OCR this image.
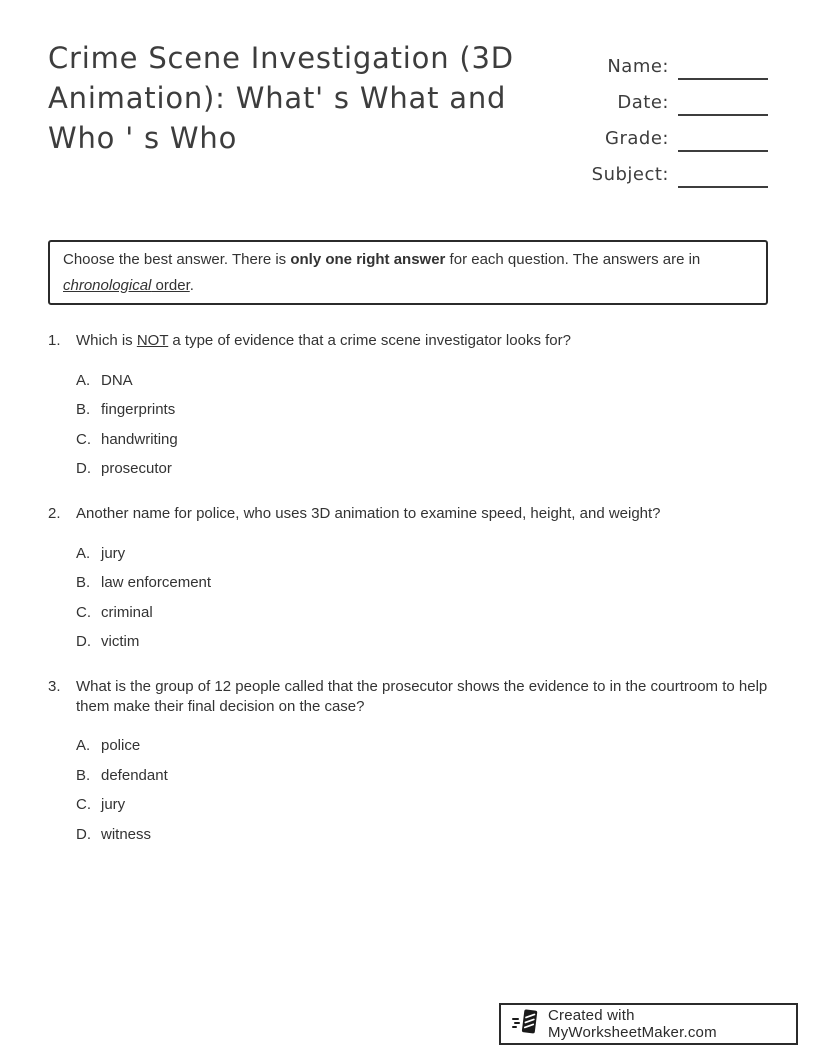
Crime Scene Investigation (3D
Animation): What' s What and
Who ' s Who
Name:
Date:
Grade:
Subject:

Choose the best answer. There is only one right answer for each question. The answers are in chronological order.

1.	Which is NOT a type of evidence that a crime scene investigator looks for?
A. DNA
B. fingerprints
C. handwriting
D. prosecutor
2.	Another name for police, who uses 3D animation to examine speed, height, and weight?
A. jury
B. law enforcement
C. criminal
D. victim
3.	What is the group of 12 people called that the prosecutor shows the evidence to in the courtroom to help them make their final decision on the case?
A. police
B. defendant
C. jury
D. witness
Created with MyWorksheetMaker.com
